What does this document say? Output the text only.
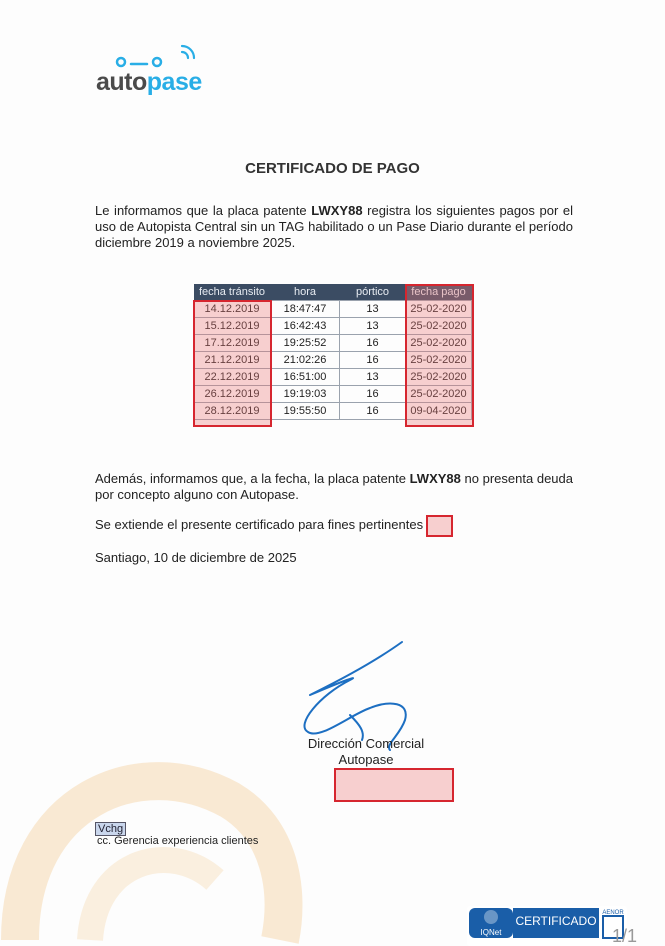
autopase
CERTIFICADO DE PAGO
Le informamos que la placa patente LWXY88 registra los siguientes pagos por el uso de Autopista Central sin un TAG habilitado o un Pase Diario durante el período diciembre 2019 a noviembre 2025.
fecha tránsito	hora	pórtico	fecha pago
14.12.2019	18:47:47	13	25-02-2020
15.12.2019	16:42:43	13	25-02-2020
17.12.2019	19:25:52	16	25-02-2020
21.12.2019	21:02:26	16	25-02-2020
22.12.2019	16:51:00	13	25-02-2020
26.12.2019	19:19:03	16	25-02-2020
28.12.2019	19:55:50	16	09-04-2020
Además, informamos que, a la fecha, la placa patente LWXY88 no presenta deuda por concepto alguno con Autopase.
Se extiende el presente certificado para fines pertinentes
Santiago, 10 de diciembre de 2025
Dirección Comercial
Autopase
Vchg
cc. Gerencia experiencia clientes
IQNet
CERTIFICADO
AENOR
1/1
